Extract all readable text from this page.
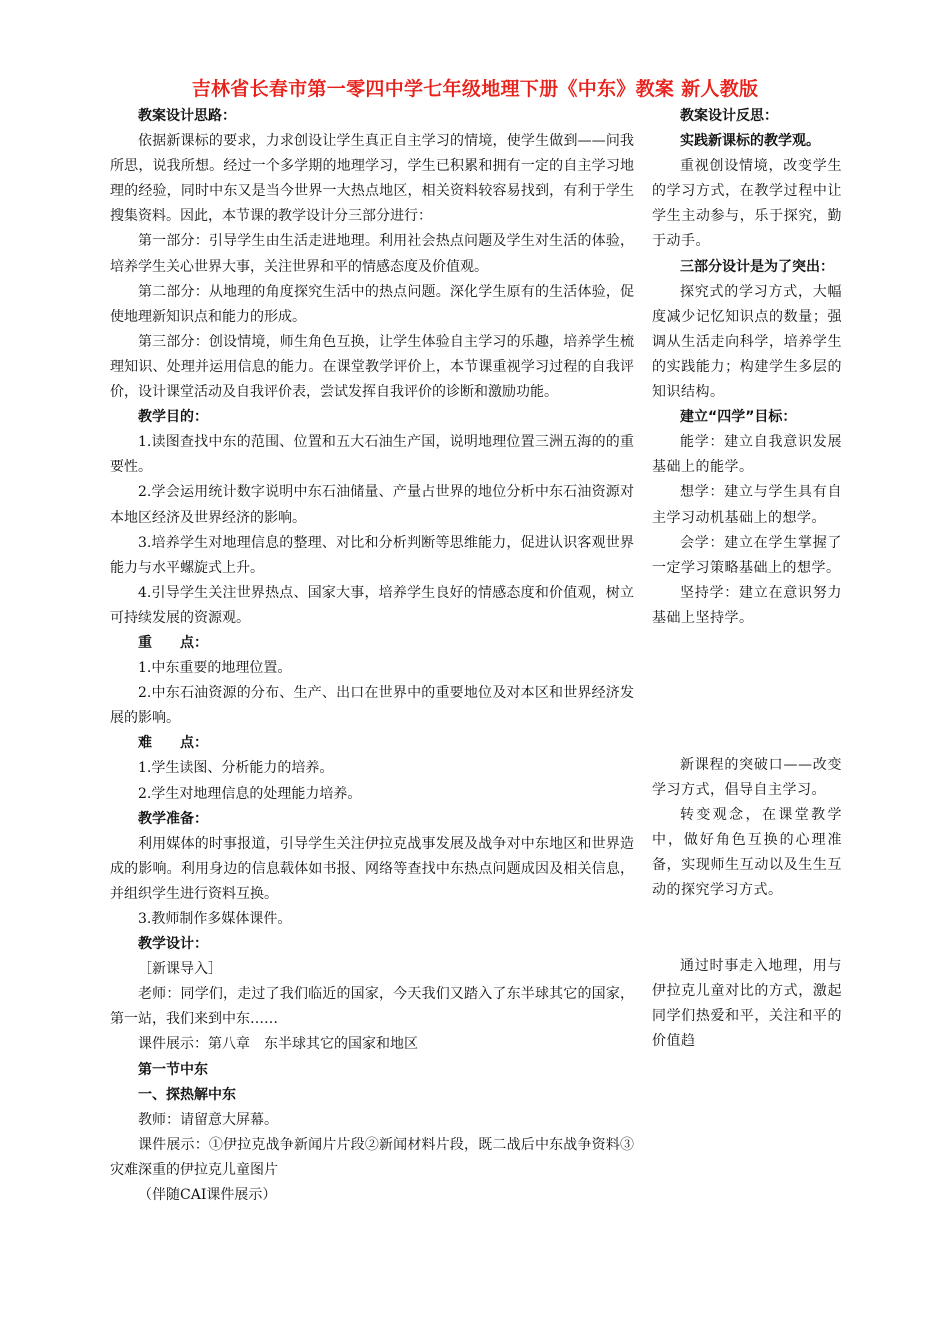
吉林省长春市第一零四中学七年级地理下册《中东》教案 新人教版
教案设计思路：
依据新课标的要求，力求创设让学生真正自主学习的情境，使学生做到——问我所思，说我所想。经过一个多学期的地理学习，学生已积累和拥有一定的自主学习地理的经验，同时中东又是当今世界一大热点地区，相关资料较容易找到，有利于学生搜集资料。因此，本节课的教学设计分三部分进行：
第一部分：引导学生由生活走进地理。利用社会热点问题及学生对生活的体验，培养学生关心世界大事，关注世界和平的情感态度及价值观。
第二部分：从地理的角度探究生活中的热点问题。深化学生原有的生活体验，促使地理新知识点和能力的形成。
第三部分：创设情境，师生角色互换，让学生体验自主学习的乐趣，培养学生梳理知识、处理并运用信息的能力。在课堂教学评价上，本节课重视学习过程的自我评价，设计课堂活动及自我评价表，尝试发挥自我评价的诊断和激励功能。
教学目的：
1.读图查找中东的范围、位置和五大石油生产国，说明地理位置三洲五海的的重要性。
2.学会运用统计数字说明中东石油储量、产量占世界的地位分析中东石油资源对本地区经济及世界经济的影响。
3.培养学生对地理信息的整理、对比和分析判断等思维能力，促进认识客观世界能力与水平螺旋式上升。
4.引导学生关注世界热点、国家大事，培养学生良好的情感态度和价值观，树立可持续发展的资源观。
重　　点：
1.中东重要的地理位置。
2.中东石油资源的分布、生产、出口在世界中的重要地位及对本区和世界经济发展的影响。
难　　点：
1.学生读图、分析能力的培养。
2.学生对地理信息的处理能力培养。
教学准备：
利用媒体的时事报道，引导学生关注伊拉克战事发展及战争对中东地区和世界造成的影响。利用身边的信息载体如书报、网络等查找中东热点问题成因及相关信息，并组织学生进行资料互换。
3.教师制作多媒体课件。
教学设计：
［新课导入］
老师：同学们，走过了我们临近的国家，今天我们又踏入了东半球其它的国家，第一站，我们来到中东……
课件展示：第八章　东半球其它的国家和地区
第一节中东
一、探热解中东
教师：请留意大屏幕。
课件展示：①伊拉克战争新闻片片段②新闻材料片段，既二战后中东战争资料③灾难深重的伊拉克儿童图片
（伴随CAI课件展示）
教案设计反思：
实践新课标的教学观。
重视创设情境，改变学生的学习方式，在教学过程中让学生主动参与，乐于探究，勤于动手。
三部分设计是为了突出：
探究式的学习方式，大幅度减少记忆知识点的数量；强调从生活走向科学，培养学生的实践能力；构建学生多层的知识结构。
建立“四学”目标：
能学：建立自我意识发展基础上的能学。
想学：建立与学生具有自主学习动机基础上的想学。
会学：建立在学生掌握了一定学习策略基础上的想学。
坚持学：建立在意识努力基础上坚持学。
新课程的突破口——改变学习方式，倡导自主学习。
转变观念，在课堂教学中，做好角色互换的心理准备，实现师生互动以及生生互动的探究学习方式。
通过时事走入地理，用与伊拉克儿童对比的方式，激起同学们热爱和平，关注和平的价值趋
